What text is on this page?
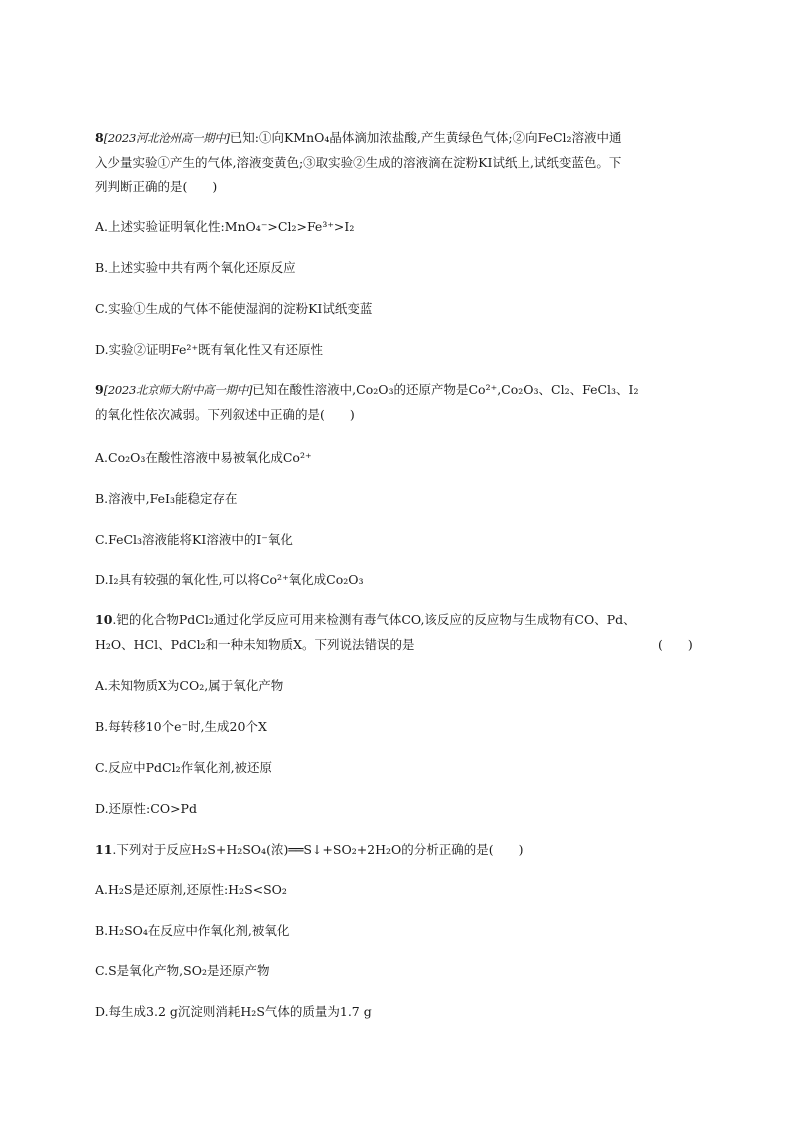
8[2023河北沧州高一期中]已知:①向KMnO₄晶体滴加浓盐酸,产生黄绿色气体;②向FeCl₂溶液中通
入少量实验①产生的气体,溶液变黄色;③取实验②生成的溶液滴在淀粉KI试纸上,试纸变蓝色。下
列判断正确的是(　　)
A.上述实验证明氧化性:MnO₄⁻>Cl₂>Fe³⁺>I₂
B.上述实验中共有两个氧化还原反应
C.实验①生成的气体不能使湿润的淀粉KI试纸变蓝
D.实验②证明Fe²⁺既有氧化性又有还原性
9[2023北京师大附中高一期中]已知在酸性溶液中,Co₂O₃的还原产物是Co²⁺,Co₂O₃、Cl₂、FeCl₃、I₂
的氧化性依次减弱。下列叙述中正确的是(　　)
A.Co₂O₃在酸性溶液中易被氧化成Co²⁺
B.溶液中,FeI₃能稳定存在
C.FeCl₃溶液能将KI溶液中的I⁻氧化
D.I₂具有较强的氧化性,可以将Co²⁺氧化成Co₂O₃
10.钯的化合物PdCl₂通过化学反应可用来检测有毒气体CO,该反应的反应物与生成物有CO、Pd、
H₂O、HCl、PdCl₂和一种未知物质X。下列说法错误的是	(　　)
A.未知物质X为CO₂,属于氧化产物
B.每转移10个e⁻时,生成20个X
C.反应中PdCl₂作氧化剂,被还原
D.还原性:CO>Pd
11.下列对于反应H₂S+H₂SO₄(浓)══S↓+SO₂+2H₂O的分析正确的是(　　)
A.H₂S是还原剂,还原性:H₂S<SO₂
B.H₂SO₄在反应中作氧化剂,被氧化
C.S是氧化产物,SO₂是还原产物
D.每生成3.2 g沉淀则消耗H₂S气体的质量为1.7 g
